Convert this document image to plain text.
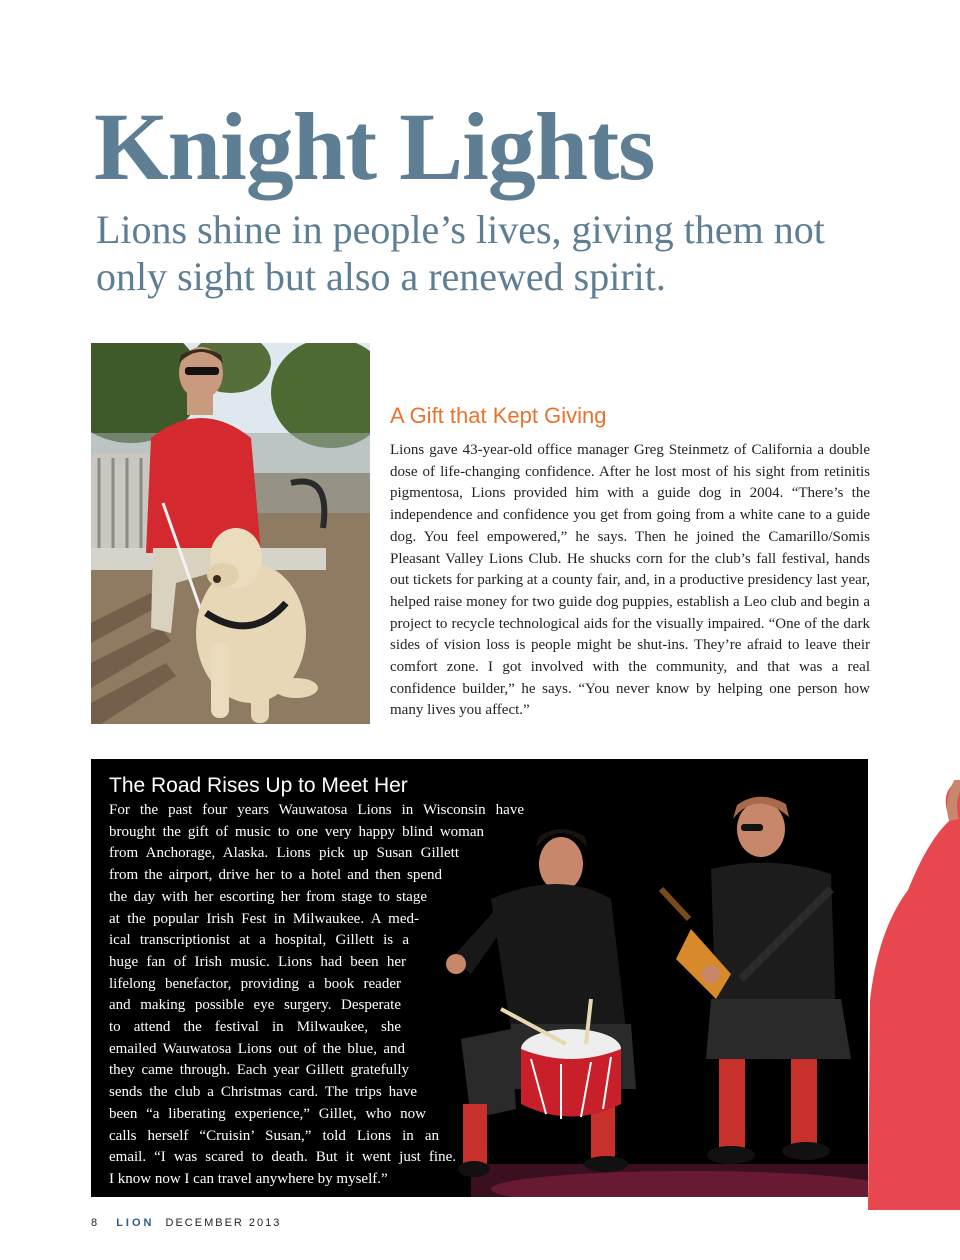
Knight Lights
Lions shine in people’s lives, giving them not only sight but also a renewed spirit.
A Gift that Kept Giving

Lions gave 43-year-old office manager Greg Steinmetz of California a double dose of life-changing confidence. After he lost most of his sight from retinitis pigmentosa, Lions provided him with a guide dog in 2004. “There’s the independence and confidence you get from going from a white cane to a guide dog. You feel empowered,” he says. Then he joined the Camarillo/Somis Pleasant Valley Lions Club. He shucks corn for the club’s fall festival, hands out tickets for parking at a county fair, and, in a productive presidency last year, helped raise money for two guide dog puppies, establish a Leo club and begin a project to recycle technological aids for the visually impaired. “One of the dark sides of vision loss is people might be shut-ins. They’re afraid to leave their comfort zone. I got involved with the community, and that was a real confidence builder,” he says. “You never know by helping one person how many lives you affect.”

The Road Rises Up to Meet Her

For the past four years Wauwatosa Lions in Wisconsin have
brought the gift of music to one very happy blind woman
from Anchorage, Alaska. Lions pick up Susan Gillett
from the airport, drive her to a hotel and then spend
the day with her escorting her from stage to stage
at the popular Irish Fest in Milwaukee. A med-
ical transcriptionist at a hospital, Gillett is a
huge fan of Irish music. Lions had been her
lifelong benefactor, providing a book reader
and making possible eye surgery. Desperate
to attend the festival in Milwaukee, she
emailed Wauwatosa Lions out of the blue, and
they came through. Each year Gillett gratefully
sends the club a Christmas card. The trips have
been “a liberating experience,” Gillet, who now
calls herself “Cruisin’ Susan,” told Lions in an
email. “I was scared to death. But it went just fine.
I know now I can travel anywhere by myself.”

8 LION DECEMBER 2013
